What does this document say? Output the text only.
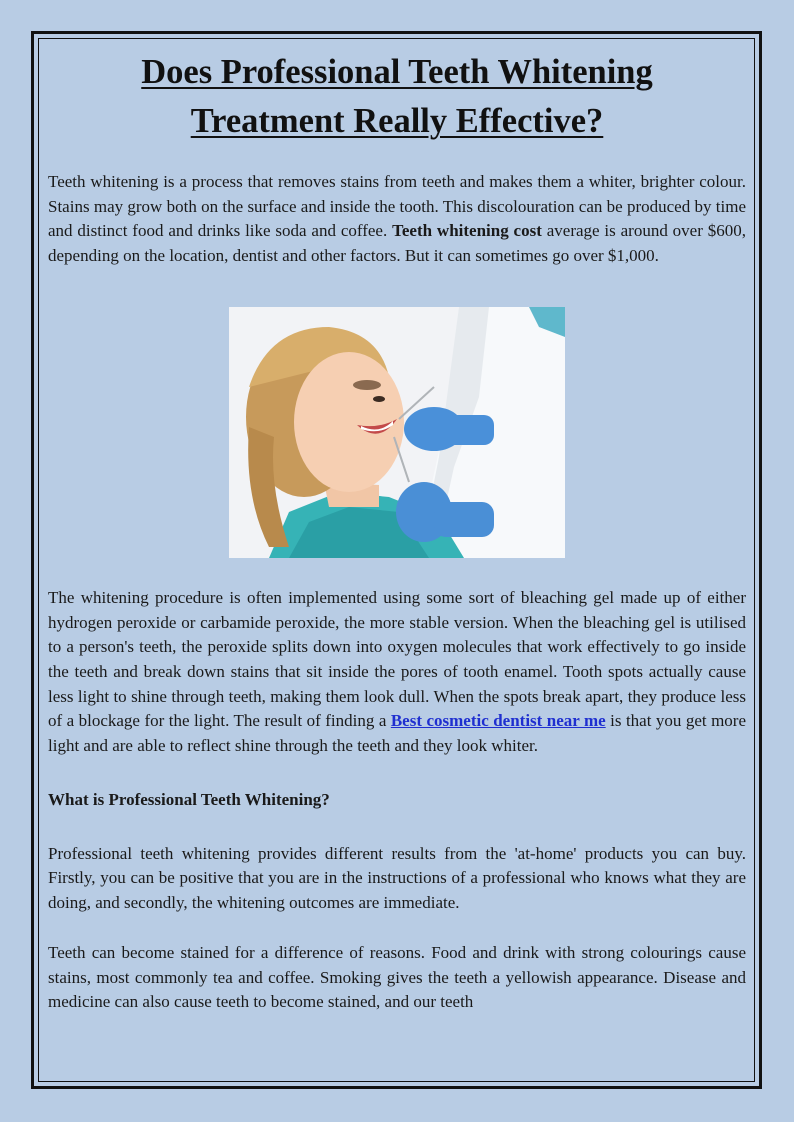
Does Professional Teeth Whitening
Treatment Really Effective?

Teeth whitening is a process that removes stains from teeth and makes them a whiter, brighter colour. Stains may grow both on the surface and inside the tooth. This discolouration can be produced by time and distinct food and drinks like soda and coffee. Teeth whitening cost average is around over $600, depending on the location, dentist and other factors. But it can sometimes go over $1,000.

The whitening procedure is often implemented using some sort of bleaching gel made up of either hydrogen peroxide or carbamide peroxide, the more stable version. When the bleaching gel is utilised to a person's teeth, the peroxide splits down into oxygen molecules that work effectively to go inside the teeth and break down stains that sit inside the pores of tooth enamel. Tooth spots actually cause less light to shine through teeth, making them look dull. When the spots break apart, they produce less of a blockage for the light. The result of finding a Best cosmetic dentist near me is that you get more light and are able to reflect shine through the teeth and they look whiter.

What is Professional Teeth Whitening?

Professional teeth whitening provides different results from the 'at-home' products you can buy. Firstly, you can be positive that you are in the instructions of a professional who knows what they are doing, and secondly, the whitening outcomes are immediate.

Teeth can become stained for a difference of reasons. Food and drink with strong colourings cause stains, most commonly tea and coffee. Smoking gives the teeth a yellowish appearance. Disease and medicine can also cause teeth to become stained, and our teeth
